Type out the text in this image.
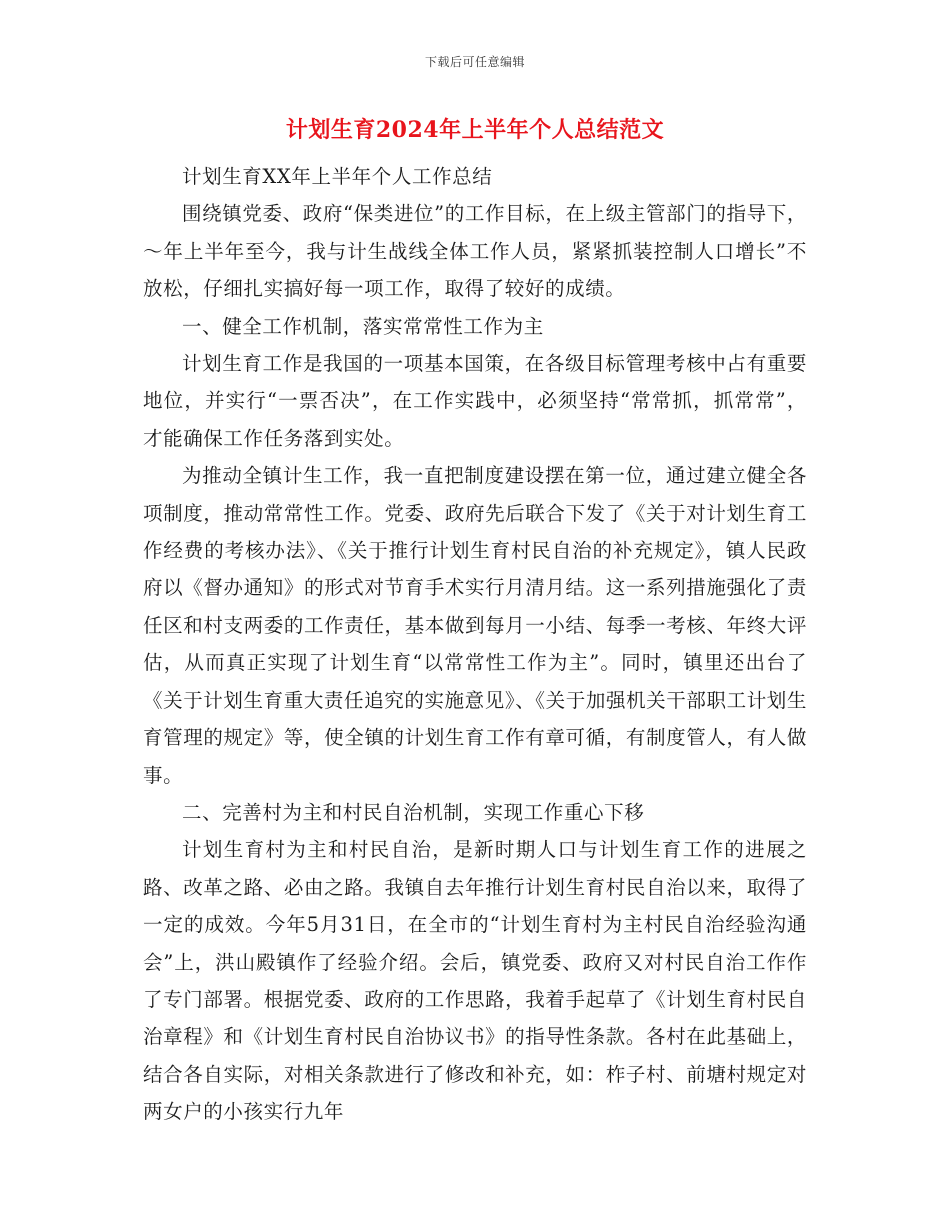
下载后可任意编辑
计划生育2024年上半年个人总结范文

计划生育XX年上半年个人工作总结

围绕镇党委、政府“保类进位”的工作目标，在上级主管部门的指导下，～年上半年至今，我与计生战线全体工作人员，紧紧抓装控制人口增长”不放松，仔细扎实搞好每一项工作，取得了较好的成绩。

一、健全工作机制，落实常常性工作为主

计划生育工作是我国的一项基本国策，在各级目标管理考核中占有重要地位，并实行“一票否决”，在工作实践中，必须坚持“常常抓，抓常常”，才能确保工作任务落到实处。

为推动全镇计生工作，我一直把制度建设摆在第一位，通过建立健全各项制度，推动常常性工作。党委、政府先后联合下发了《关于对计划生育工作经费的考核办法》、《关于推行计划生育村民自治的补充规定》，镇人民政府以《督办通知》的形式对节育手术实行月清月结。这一系列措施强化了责任区和村支两委的工作责任，基本做到每月一小结、每季一考核、年终大评估，从而真正实现了计划生育“以常常性工作为主”。同时，镇里还出台了《关于计划生育重大责任追究的实施意见》、《关于加强机关干部职工计划生育管理的规定》等，使全镇的计划生育工作有章可循，有制度管人，有人做事。

二、完善村为主和村民自治机制，实现工作重心下移

计划生育村为主和村民自治，是新时期人口与计划生育工作的进展之路、改革之路、必由之路。我镇自去年推行计划生育村民自治以来，取得了一定的成效。今年5月31日，在全市的“计划生育村为主村民自治经验沟通会”上，洪山殿镇作了经验介绍。会后，镇党委、政府又对村民自治工作作了专门部署。根据党委、政府的工作思路，我着手起草了《计划生育村民自治章程》和《计划生育村民自治协议书》的指导性条款。各村在此基础上，结合各自实际，对相关条款进行了修改和补充，如：柞子村、前塘村规定对两女户的小孩实行九年
